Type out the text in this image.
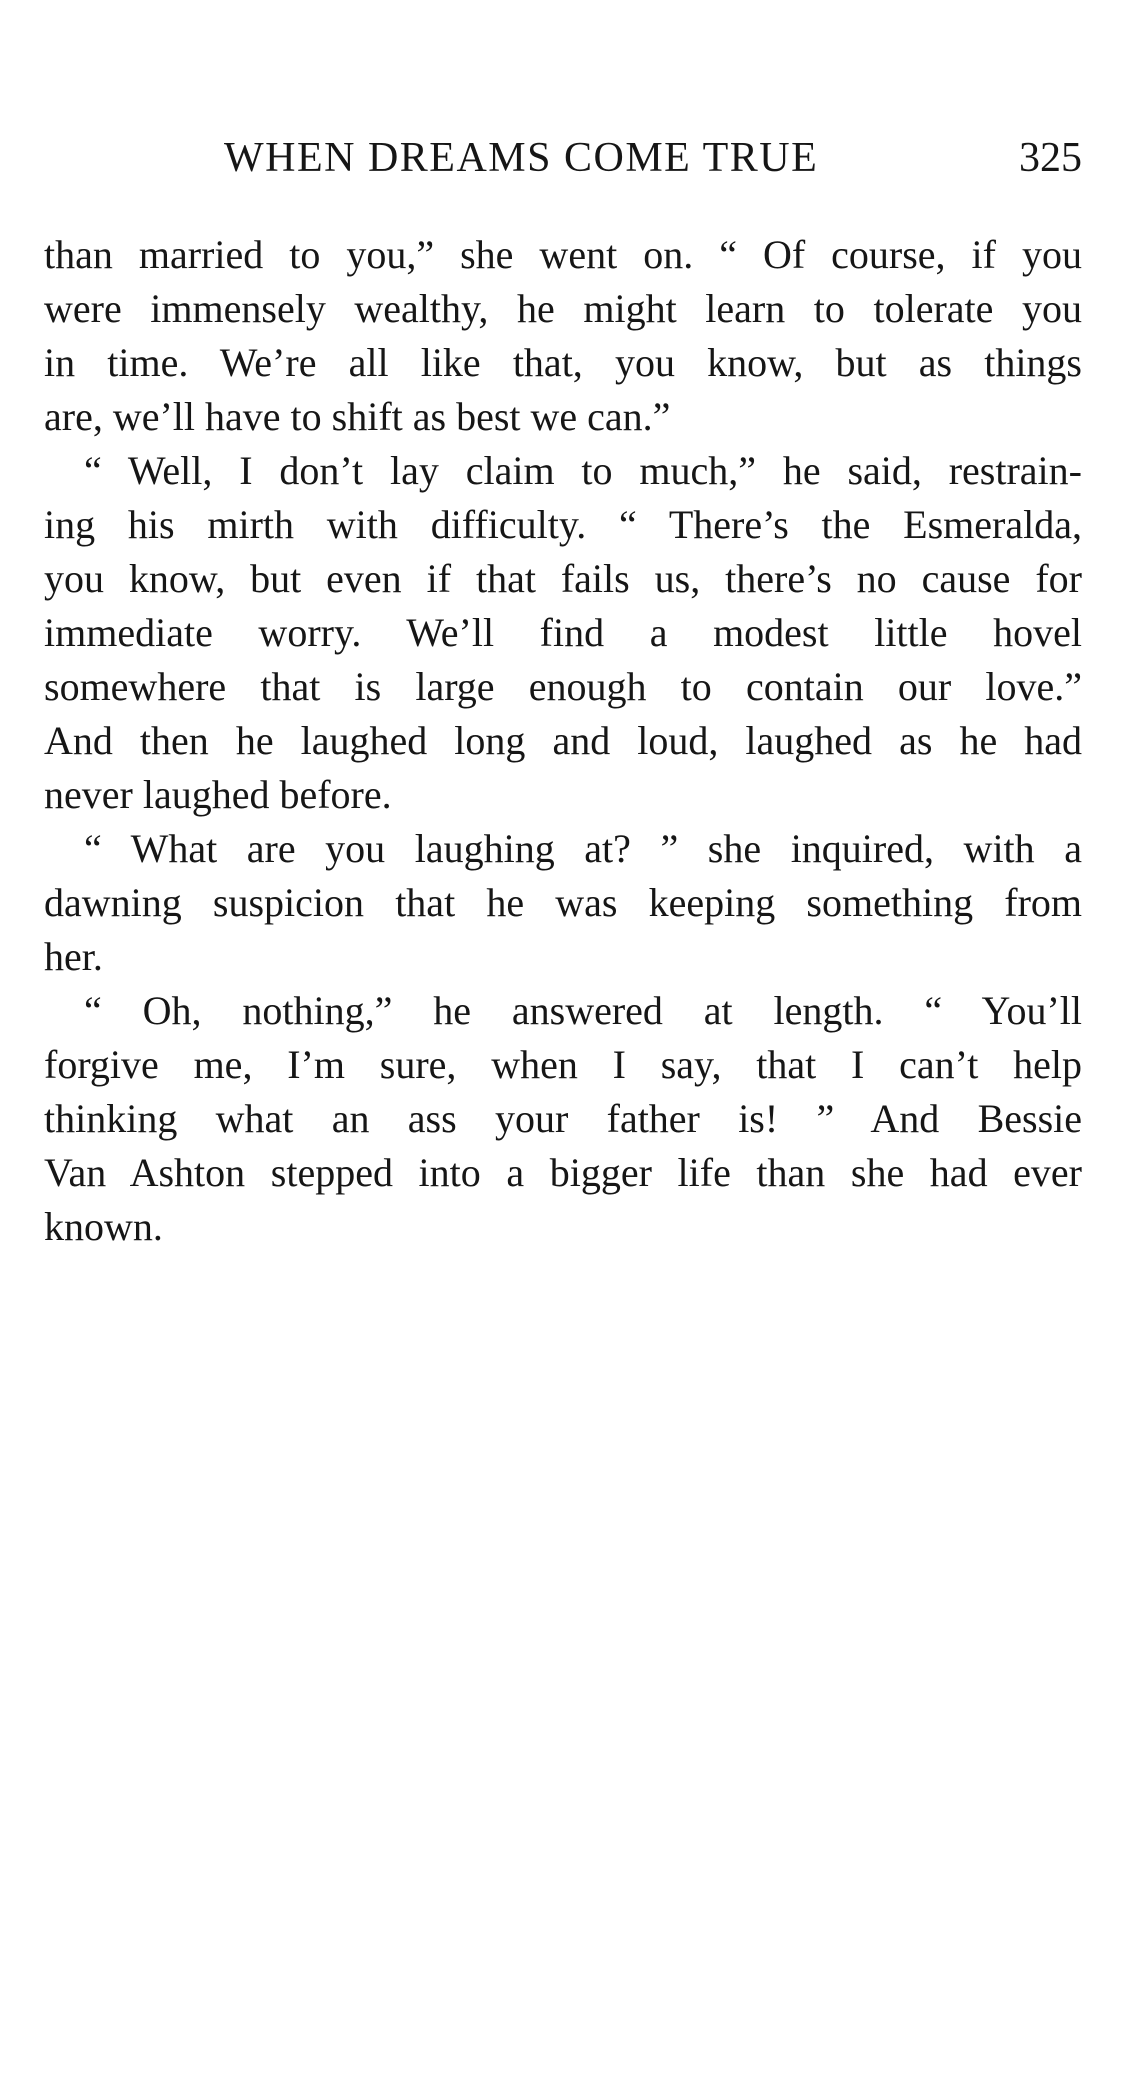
WHEN DREAMS COME TRUE	325
than married to you,” she went on. “ Of course, if you
were immensely wealthy, he might learn to tolerate you
in time. We’re all like that, you know, but as things
are, we’ll have to shift as best we can.”
“ Well, I don’t lay claim to much,” he said, restrain-
ing his mirth with difficulty. “ There’s the Esmeralda,
you know, but even if that fails us, there’s no cause for
immediate worry. We’ll find a modest little hovel
somewhere that is large enough to contain our love.”
And then he laughed long and loud, laughed as he had
never laughed before.
“ What are you laughing at? ” she inquired, with a
dawning suspicion that he was keeping something from
her.
“ Oh, nothing,” he answered at length. “ You’ll
forgive me, I’m sure, when I say, that I can’t help
thinking what an ass your father is! ” And Bessie
Van Ashton stepped into a bigger life than she had ever
known.
